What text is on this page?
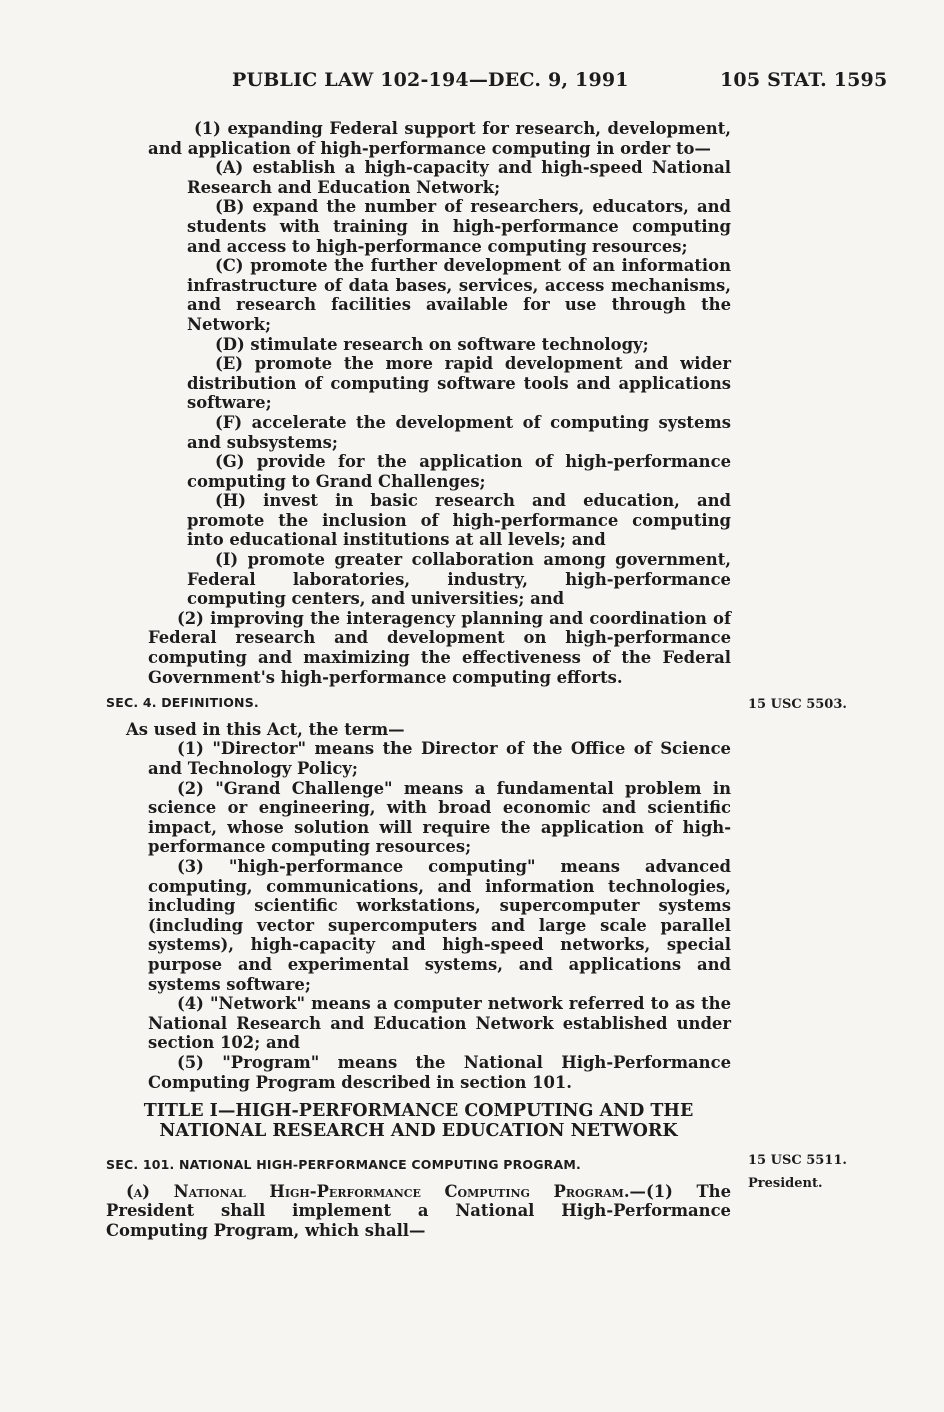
PUBLIC LAW 102-194—DEC. 9, 1991	105 STAT. 1595

(1) expanding Federal support for research, development, and application of high-performance computing in order to—

(A) establish a high-capacity and high-speed National Research and Education Network;

(B) expand the number of researchers, educators, and students with training in high-performance computing and access to high-performance computing resources;

(C) promote the further development of an information infrastructure of data bases, services, access mechanisms, and research facilities available for use through the Network;

(D) stimulate research on software technology;

(E) promote the more rapid development and wider distribution of computing software tools and applications software;

(F) accelerate the development of computing systems and subsystems;

(G) provide for the application of high-performance computing to Grand Challenges;

(H) invest in basic research and education, and promote the inclusion of high-performance computing into educational institutions at all levels; and

(I) promote greater collaboration among government, Federal laboratories, industry, high-performance computing centers, and universities; and

(2) improving the interagency planning and coordination of Federal research and development on high-performance computing and maximizing the effectiveness of the Federal Government's high-performance computing efforts.

SEC. 4. DEFINITIONS.

As used in this Act, the term—

(1) "Director" means the Director of the Office of Science and Technology Policy;

(2) "Grand Challenge" means a fundamental problem in science or engineering, with broad economic and scientific impact, whose solution will require the application of high-performance computing resources;

(3) "high-performance computing" means advanced computing, communications, and information technologies, including scientific workstations, supercomputer systems (including vector supercomputers and large scale parallel systems), high-capacity and high-speed networks, special purpose and experimental systems, and applications and systems software;

(4) "Network" means a computer network referred to as the National Research and Education Network established under section 102; and

(5) "Program" means the National High-Performance Computing Program described in section 101.

TITLE I—HIGH-PERFORMANCE COMPUTING AND THE NATIONAL RESEARCH AND EDUCATION NETWORK

SEC. 101. NATIONAL HIGH-PERFORMANCE COMPUTING PROGRAM.

(a) National High-Performance Computing Program.—(1) The President shall implement a National High-Performance Computing Program, which shall—

15 USC 5503.
15 USC 5511.
President.
